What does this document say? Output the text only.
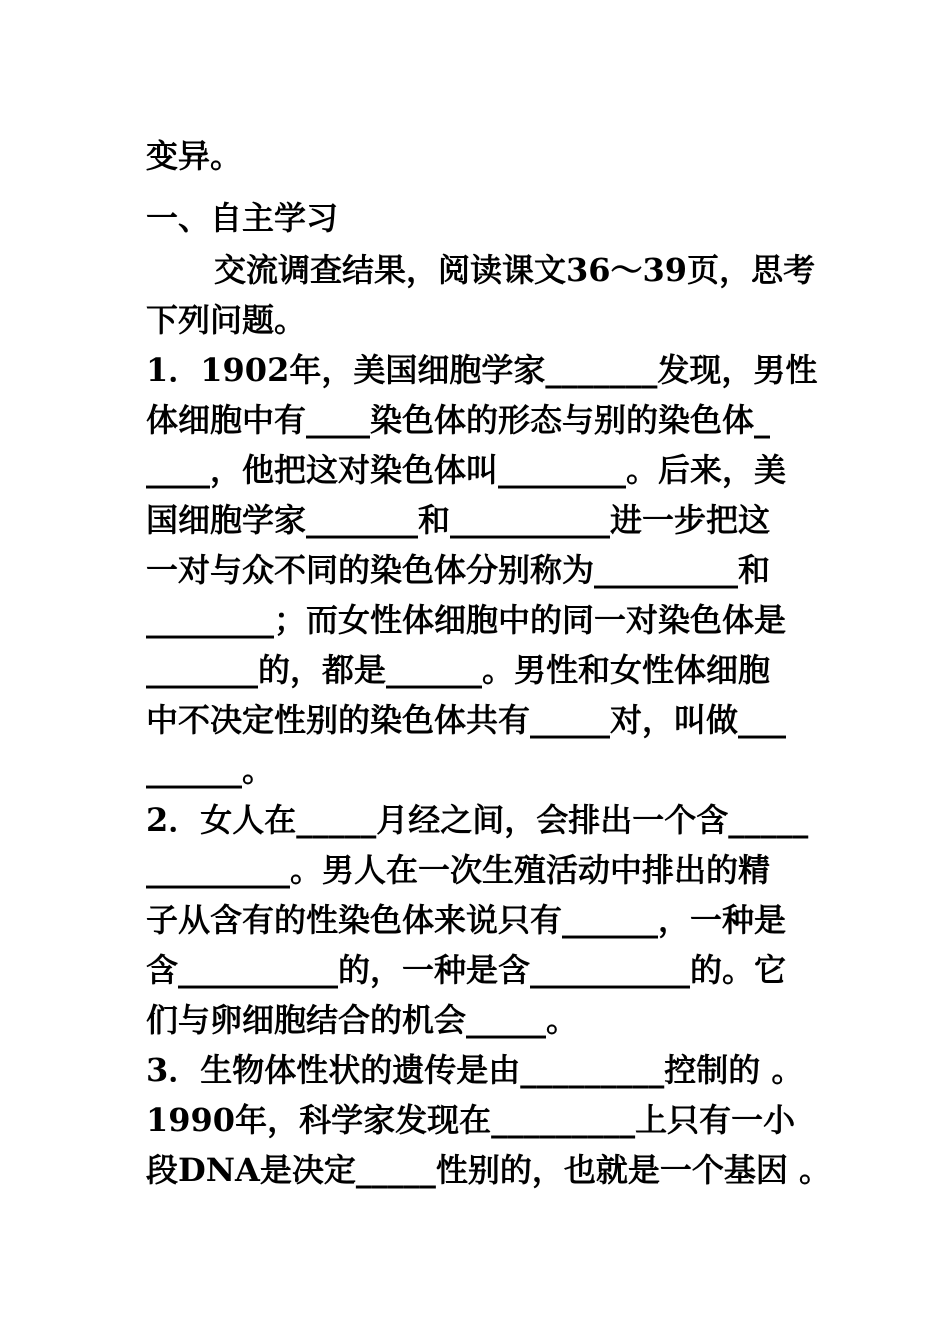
变异。
一、自主学习
交流调查结果，阅读课文36～39页，思考
下列问题。
1．1902年，美国细胞学家_______发现，男性
体细胞中有____染色体的形态与别的染色体_
____，他把这对染色体叫________。后来，美
国细胞学家_______和__________进一步把这
一对与众不同的染色体分别称为_________和
________；而女性体细胞中的同一对染色体是
_______的，都是______。男性和女性体细胞
中不决定性别的染色体共有_____对，叫做___
______。
2．女人在_____月经之间，会排出一个含_____
_________。男人在一次生殖活动中排出的精
子从含有的性染色体来说只有______，一种是
含__________的，一种是含__________的。它
们与卵细胞结合的机会_____。
3．生物体性状的遗传是由_________控制的 。
1990年，科学家发现在_________上只有一小
段DNA是决定_____性别的，也就是一个基因 。
